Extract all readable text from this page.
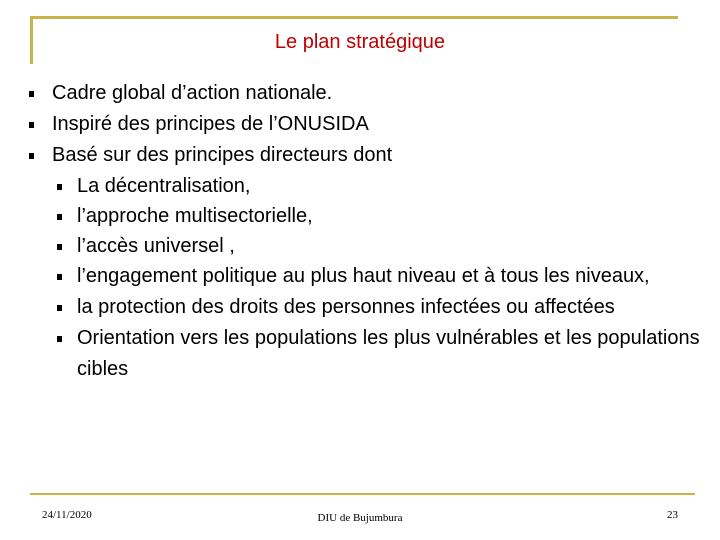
Le plan stratégique
Cadre global d’action nationale.
Inspiré des principes de l’ONUSIDA
Basé sur des principes directeurs dont
La décentralisation,
l’approche multisectorielle,
l’accès universel ,
l’engagement politique au plus haut niveau et à tous les niveaux,
la protection des droits des personnes infectées ou affectées
Orientation vers les populations les plus vulnérables et les populations cibles
24/11/2020	DIU de Bujumbura	23
